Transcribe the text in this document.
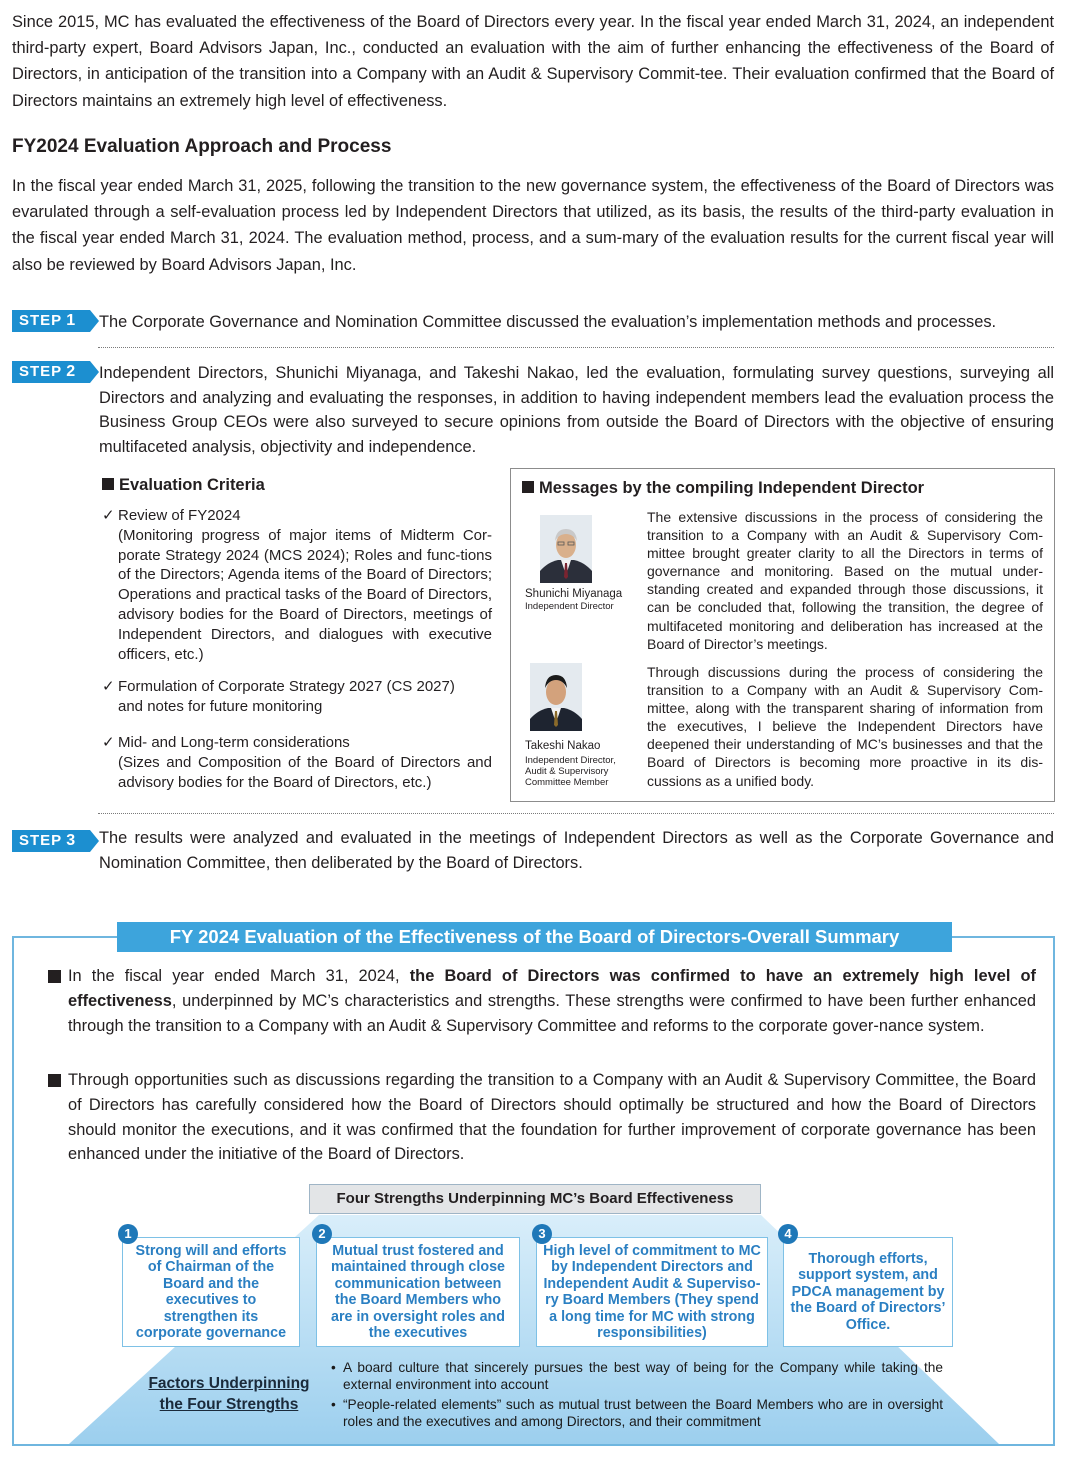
Since 2015, MC has evaluated the effectiveness of the Board of Directors every year. In the fiscal year ended March 31, 2024, an independent third-party expert, Board Advisors Japan, Inc., conducted an evaluation with the aim of further enhancing the effectiveness of the Board of Directors, in anticipation of the transition into a Company with an Audit & Supervisory Commit-tee. Their evaluation confirmed that the Board of Directors maintains an extremely high level of effectiveness.

FY2024 Evaluation Approach and Process

In the fiscal year ended March 31, 2025, following the transition to the new governance system, the effectiveness of the Board of Directors was evarulated through a self-evaluation process led by Independent Directors that utilized, as its basis, the results of the third-party evaluation in the fiscal year ended March 31, 2024. The evaluation method, process, and a sum-mary of the evaluation results for the current fiscal year will also be reviewed by Board Advisors Japan, Inc.

STEP 1	The Corporate Governance and Nomination Committee discussed the evaluation’s implementation methods and processes.

STEP 2	Independent Directors, Shunichi Miyanaga, and Takeshi Nakao, led the evaluation, formulating survey questions, surveying all Directors and analyzing and evaluating the responses, in addition to having independent members lead the evaluation process the Business Group CEOs were also surveyed to secure opinions from outside the Board of Directors with the objective of ensuring multifaceted analysis, objectivity and independence.

Evaluation Criteria
✓ Review of FY2024
(Monitoring progress of major items of Midterm Cor-porate Strategy 2024 (MCS 2024); Roles and func-tions of the Directors; Agenda items of the Board of Directors; Operations and practical tasks of the Board of Directors, advisory bodies for the Board of Directors, meetings of Independent Directors, and dialogues with executive officers, etc.)
✓ Formulation of Corporate Strategy 2027 (CS 2027)
and notes for future monitoring
✓ Mid- and Long-term considerations
(Sizes and Composition of the Board of Directors and advisory bodies for the Board of Directors, etc.)
Messages by the compiling Independent Director
Shunichi Miyanaga
Independent Director

The extensive discussions in the process of considering the transition to a Company with an Audit & Supervisory Com-mittee brought greater clarity to all the Directors in terms of governance and monitoring. Based on the mutual under-standing created and expanded through those discussions, it can be concluded that, following the transition, the degree of multifaceted monitoring and deliberation has increased at the Board of Director’s meetings.

Takeshi Nakao
Independent Director, Audit & Supervisory Committee Member

Through discussions during the process of considering the transition to a Company with an Audit & Supervisory Com-mittee, along with the transparent sharing of information from the executives, I believe the Independent Directors have deepened their understanding of MC’s businesses and that the Board of Directors is becoming more proactive in its dis-cussions as a unified body.

STEP 3	The results were analyzed and evaluated in the meetings of Independent Directors as well as the Corporate Governance and Nomination Committee, then deliberated by the Board of Directors.

FY 2024 Evaluation of the Effectiveness of the Board of Directors-Overall Summary
In the fiscal year ended March 31, 2024, the Board of Directors was confirmed to have an extremely high level of effectiveness, underpinned by MC’s characteristics and strengths. These strengths were confirmed to have been further enhanced through the transition to a Company with an Audit & Supervisory Committee and reforms to the corporate gover-nance system.
Through opportunities such as discussions regarding the transition to a Company with an Audit & Supervisory Committee, the Board of Directors has carefully considered how the Board of Directors should optimally be structured and how the Board of Directors should monitor the executions, and it was confirmed that the foundation for further improvement of corporate governance has been enhanced under the initiative of the Board of Directors.
Four Strengths Underpinning MC’s Board Effectiveness
Strong will and efforts of Chairman of the Board and the executives to strengthen its corporate governance
1
Mutual trust fostered and maintained through close communication between the Board Members who are in oversight roles and the executives
2
High level of commitment to MC by Independent Directors and Independent Audit & Superviso-ry Board Members (They spend a long time for MC with strong responsibilities)
3
Thorough efforts, support system, and PDCA management by the Board of Directors’ Office.
4
Factors Underpinning
the Four Strengths
• A board culture that sincerely pursues the best way of being for the Company while taking the external environment into account
• “People-related elements” such as mutual trust between the Board Members who are in oversight roles and the executives and among Directors, and their commitment
